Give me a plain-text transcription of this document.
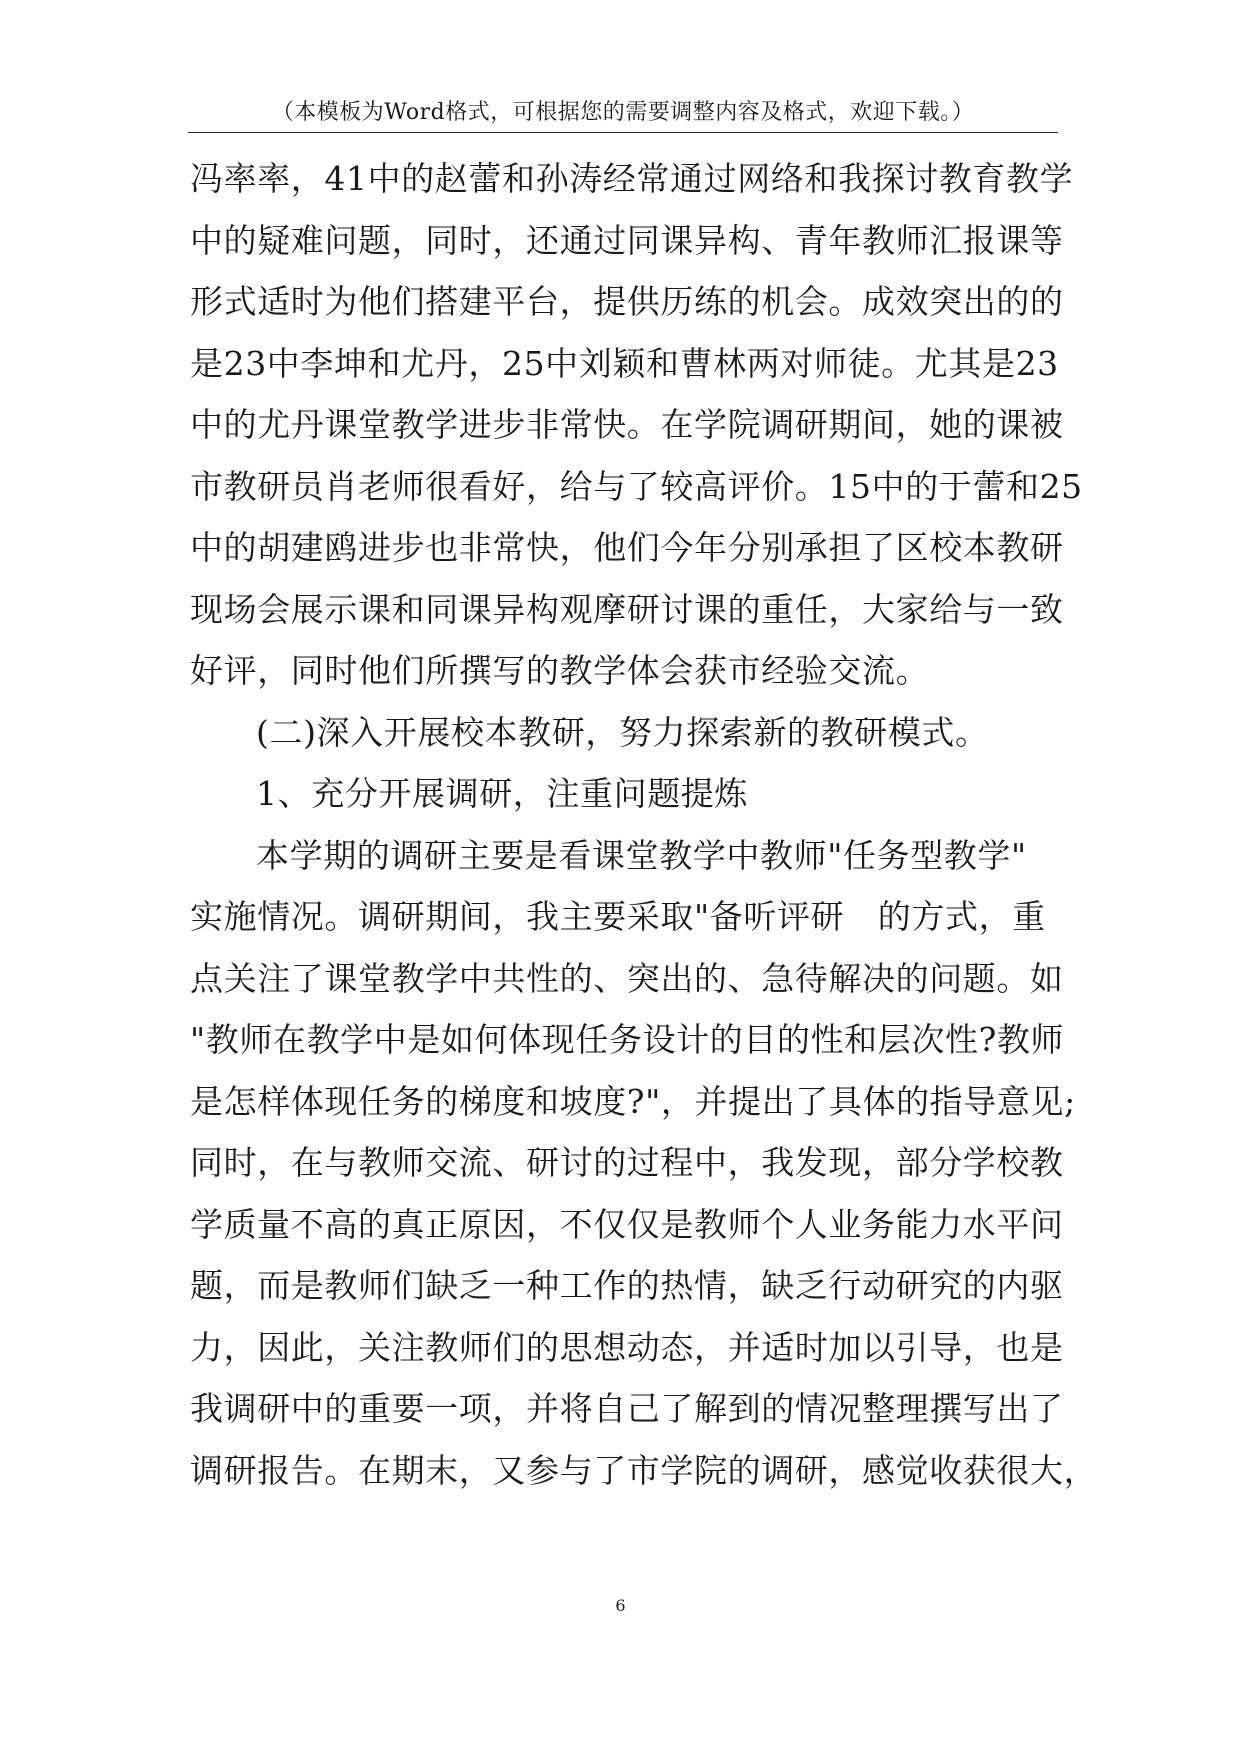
（本模板为Word格式，可根据您的需要调整内容及格式，欢迎下载。）
冯率率，41中的赵蕾和孙涛经常通过网络和我探讨教育教学
中的疑难问题，同时，还通过同课异构、青年教师汇报课等
形式适时为他们搭建平台，提供历练的机会。成效突出的的
是23中李坤和尤丹，25中刘颖和曹林两对师徒。尤其是23
中的尤丹课堂教学进步非常快。在学院调研期间，她的课被
市教研员肖老师很看好，给与了较高评价。15中的于蕾和25
中的胡建鸥进步也非常快，他们今年分别承担了区校本教研
现场会展示课和同课异构观摩研讨课的重任，大家给与一致
好评，同时他们所撰写的教学体会获市经验交流。
(二)深入开展校本教研，努力探索新的教研模式。
1、充分开展调研，注重问题提炼
本学期的调研主要是看课堂教学中教师"任务型教学"
实施情况。调研期间，我主要采取"备听评研　的方式，重
点关注了课堂教学中共性的、突出的、急待解决的问题。如
"教师在教学中是如何体现任务设计的目的性和层次性?教师
是怎样体现任务的梯度和坡度?"，并提出了具体的指导意见;
同时，在与教师交流、研讨的过程中，我发现，部分学校教
学质量不高的真正原因，不仅仅是教师个人业务能力水平问
题，而是教师们缺乏一种工作的热情，缺乏行动研究的内驱
力，因此，关注教师们的思想动态，并适时加以引导，也是
我调研中的重要一项，并将自己了解到的情况整理撰写出了
调研报告。在期末，又参与了市学院的调研，感觉收获很大，
6
